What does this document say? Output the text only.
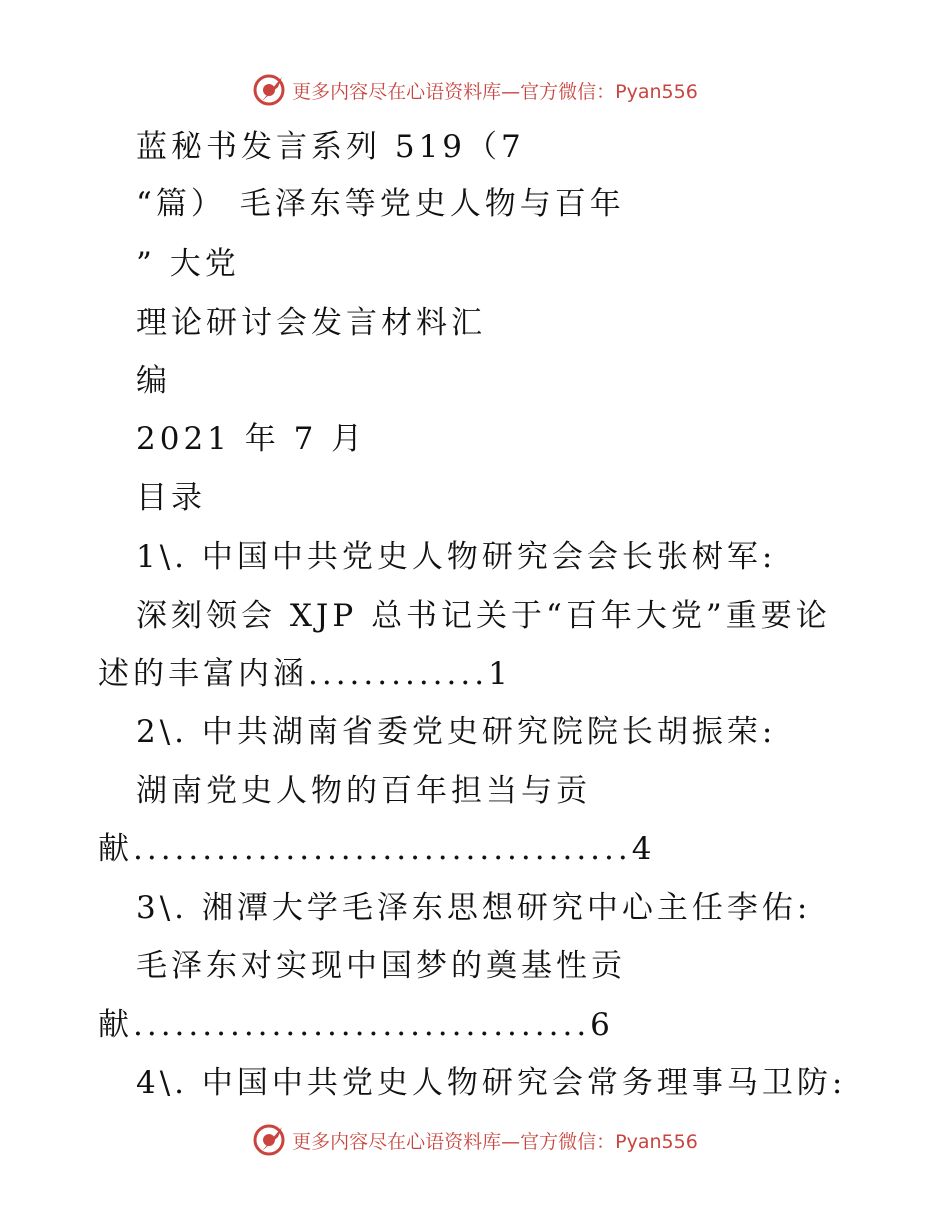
更多内容尽在心语资料库—官方微信：Pyan556
蓝秘书发言系列 519（7
“篇） 毛泽东等党史人物与百年
” 大党
理论研讨会发言材料汇
编
2021 年 7 月
目录
1\. 中国中共党史人物研究会会长张树军:
深刻领会 XJP 总书记关于“百年大党”重要论
述的丰富内涵.............1
2\. 中共湖南省委党史研究院院长胡振荣:
湖南党史人物的百年担当与贡
献....................................4
3\. 湘潭大学毛泽东思想研究中心主任李佑:
毛泽东对实现中国梦的奠基性贡
献.................................6
4\. 中国中共党史人物研究会常务理事马卫防:
更多内容尽在心语资料库—官方微信：Pyan556
